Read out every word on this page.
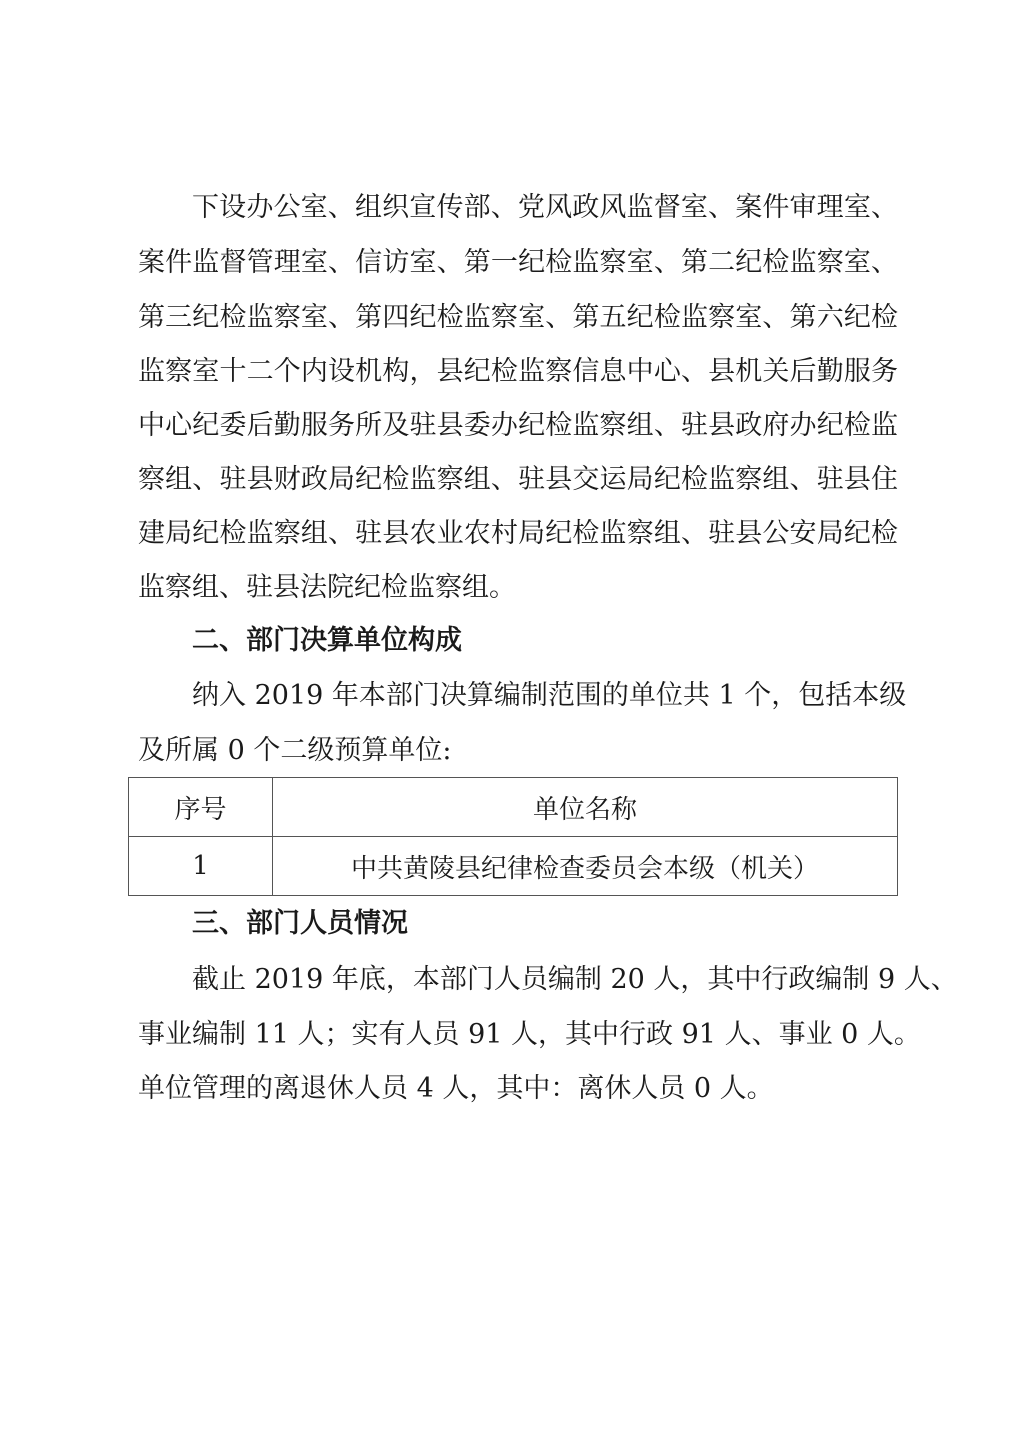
下设办公室、组织宣传部、党风政风监督室、案件审理室、
案件监督管理室、信访室、第一纪检监察室、第二纪检监察室、
第三纪检监察室、第四纪检监察室、第五纪检监察室、第六纪检
监察室十二个内设机构，县纪检监察信息中心、县机关后勤服务
中心纪委后勤服务所及驻县委办纪检监察组、驻县政府办纪检监
察组、驻县财政局纪检监察组、驻县交运局纪检监察组、驻县住
建局纪检监察组、驻县农业农村局纪检监察组、驻县公安局纪检
监察组、驻县法院纪检监察组。
二、部门决算单位构成
纳入 2019 年本部门决算编制范围的单位共 1 个，包括本级
及所属 0 个二级预算单位:
序号	单位名称
1	中共黄陵县纪律检查委员会本级（机关）
三、部门人员情况
截止 2019 年底，本部门人员编制 20 人，其中行政编制 9 人、
事业编制 11 人；实有人员 91 人，其中行政 91 人、事业 0 人。
单位管理的离退休人员 4 人，其中：离休人员 0 人。
